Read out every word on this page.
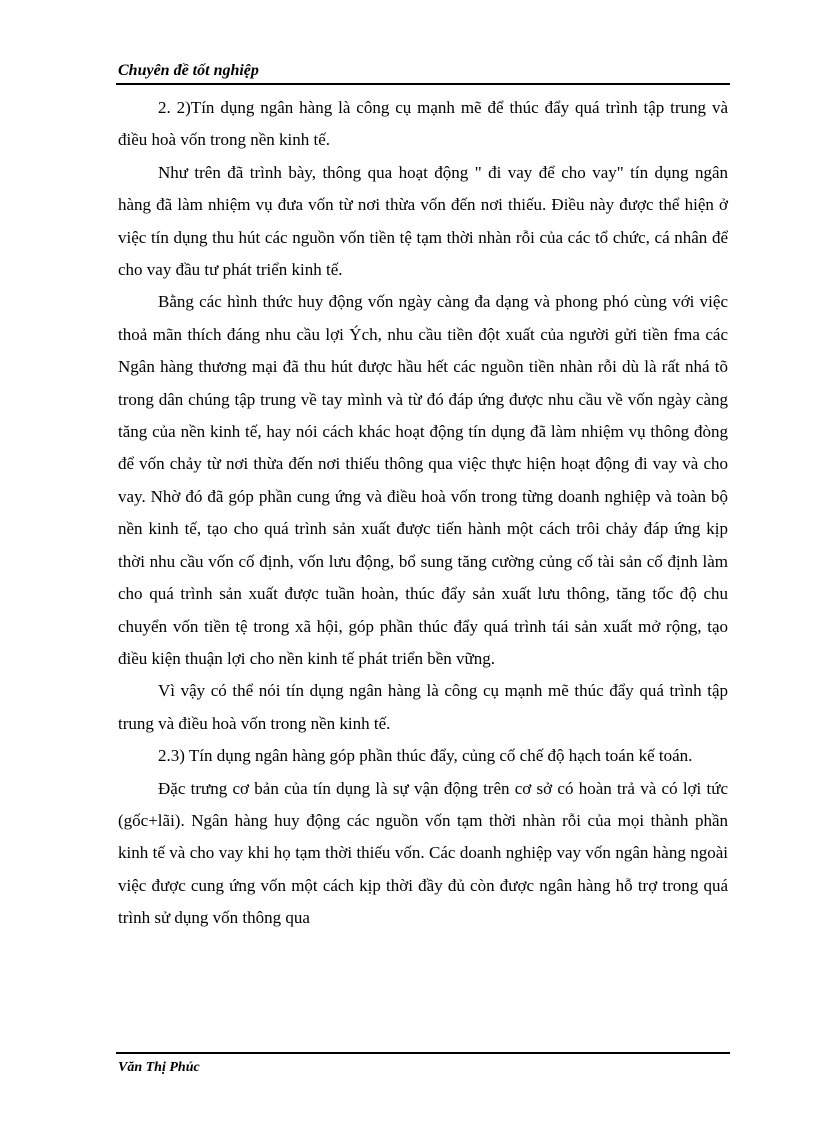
Chuyên đề tốt nghiệp

2. 2)Tín dụng ngân hàng là công cụ mạnh mẽ để thúc đẩy quá trình tập trung và điều hoà vốn trong nền kinh tế.

Như trên đã trình bày, thông qua hoạt động " đi vay để cho vay" tín dụng ngân hàng đã làm nhiệm vụ đưa vốn từ nơi thừa vốn đến nơi thiếu. Điều này được thể hiện ở việc tín dụng thu hút các nguồn vốn tiền tệ tạm thời nhàn rỗi của các tổ chức, cá nhân để cho vay đầu tư phát triển kinh tế.

Bằng các hình thức huy động vốn ngày càng đa dạng và phong phó cùng với việc thoả mãn thích đáng nhu cầu lợi Ých, nhu cầu tiền đột xuất của người gửi tiền fma các Ngân hàng thương mại đã thu hút được hầu hết các nguồn tiền nhàn rỗi dù là rất nhá tõ trong dân chúng tập trung về tay mình và từ đó đáp ứng được nhu cầu về vốn ngày càng tăng của nền kinh tế, hay nói cách khác hoạt động tín dụng đã làm nhiệm vụ thông đòng để vốn chảy từ nơi thừa đến nơi thiếu thông qua việc thực hiện hoạt động đi vay và cho vay. Nhờ đó đã góp phần cung ứng và điều hoà vốn trong từng doanh nghiệp và toàn bộ nền kinh tế, tạo cho quá trình sản xuất được tiến hành một cách trôi chảy đáp ứng kịp thời nhu cầu vốn cố định, vốn lưu động, bổ sung tăng cường củng cố tài sản cố định làm cho quá trình sản xuất được tuần hoàn, thúc đẩy sản xuất lưu thông, tăng tốc độ chu chuyển vốn tiền tệ trong xã hội, góp phần thúc đẩy quá trình tái sản xuất mở rộng, tạo điều kiện thuận lợi cho nền kinh tế phát triển bền vững.

Vì vậy có thể nói tín dụng ngân hàng là công cụ mạnh mẽ thúc đẩy quá trình tập trung và điều hoà vốn trong nền kinh tế.

2.3) Tín dụng ngân hàng góp phần thúc đẩy, củng cố chế độ hạch toán kế toán.

Đặc trưng cơ bản của tín dụng là sự vận động trên cơ sở có hoàn trả và có lợi tức (gốc+lãi). Ngân hàng huy động các nguồn vốn tạm thời nhàn rỗi của mọi thành phần kinh tế và cho vay khi họ tạm thời thiếu vốn. Các doanh nghiệp vay vốn ngân hàng ngoài việc được cung ứng vốn một cách kịp thời đầy đủ còn được ngân hàng hỗ trợ trong quá trình sử dụng vốn thông qua

Văn Thị Phúc
